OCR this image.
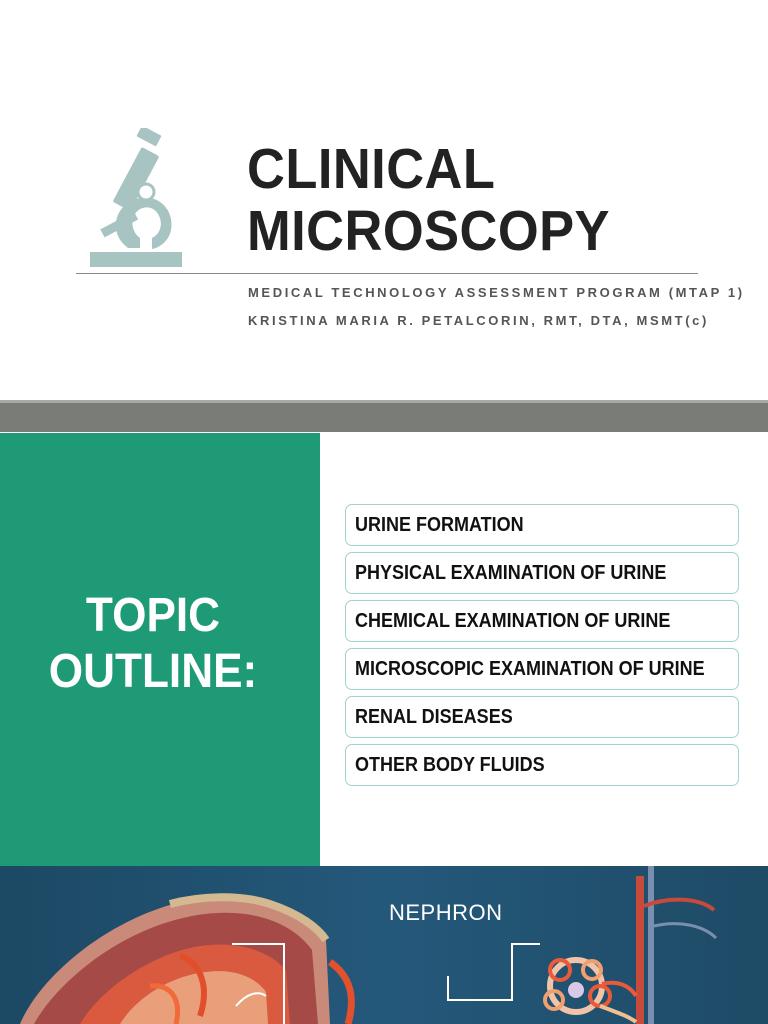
CLINICAL
MICROSCOPY
MEDICAL TECHNOLOGY ASSESSMENT PROGRAM (MTAP 1)
KRISTINA MARIA R. PETALCORIN, RMT, DTA, MSMT(c)
TOPIC
OUTLINE:
URINE FORMATION
PHYSICAL EXAMINATION OF URINE
CHEMICAL EXAMINATION OF URINE
MICROSCOPIC EXAMINATION OF URINE
RENAL DISEASES
OTHER BODY FLUIDS
NEPHRON
